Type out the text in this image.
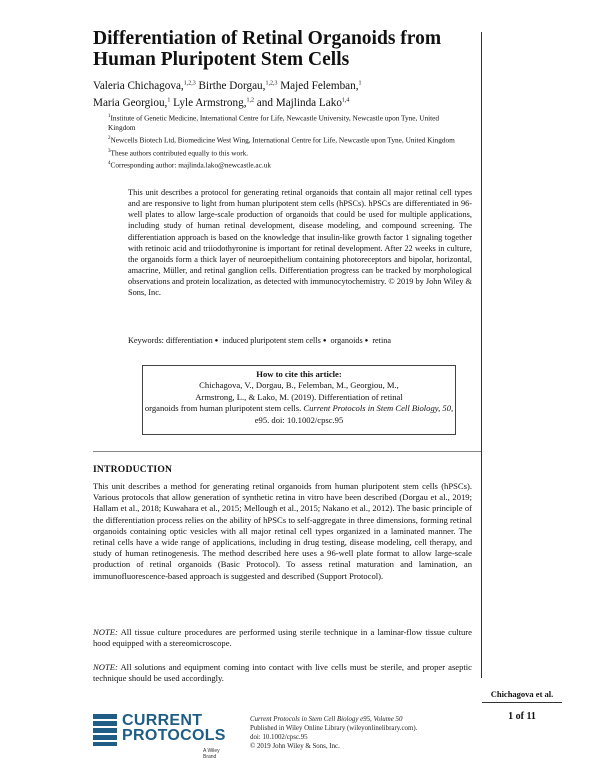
Differentiation of Retinal Organoids from Human Pluripotent Stem Cells
Valeria Chichagova,$^{1,2,3}$ Birthe Dorgau,$^{1,2,3}$ Majed Felemban,$^1$
Maria Georgiou,$^1$ Lyle Armstrong,$^{1,2}$ and Majlinda Lako$^{1,4}$
$^1$Institute of Genetic Medicine, International Centre for Life, Newcastle University, Newcastle upon Tyne, United Kingdom
$^2$Newcells Biotech Ltd, Biomedicine West Wing, International Centre for Life, Newcastle upon Tyne, United Kingdom
$^3$These authors contributed equally to this work.
$^4$Corresponding author: majlinda.lako@newcastle.ac.uk
This unit describes a protocol for generating retinal organoids that contain all major retinal cell types and are responsive to light from human pluripotent stem cells (hPSCs). hPSCs are differentiated in 96-well plates to allow large-scale production of organoids that could be used for multiple applications, including study of human retinal development, disease modeling, and compound screening. The differentiation approach is based on the knowledge that insulin-like growth factor 1 signaling together with retinoic acid and triiodothyronine is important for retinal development. After 22 weeks in culture, the organoids form a thick layer of neuroepithelium containing photoreceptors and bipolar, horizontal, amacrine, Müller, and retinal ganglion cells. Differentiation progress can be tracked by morphological observations and protein localization, as detected with immunocytochemistry. © 2019 by John Wiley & Sons, Inc.
Keywords: differentiation ● induced pluripotent stem cells ● organoids ● retina
How to cite this article:
Chichagova, V., Dorgau, B., Felemban, M., Georgiou, M.,
Armstrong, L., & Lako, M. (2019). Differentiation of retinal
organoids from human pluripotent stem cells. Current Protocols in Stem Cell Biology, 50, e95. doi: 10.1002/cpsc.95
INTRODUCTION
This unit describes a method for generating retinal organoids from human pluripotent stem cells (hPSCs). Various protocols that allow generation of synthetic retina in vitro have been described (Dorgau et al., 2019; Hallam et al., 2018; Kuwahara et al., 2015; Mellough et al., 2015; Nakano et al., 2012). The basic principle of the differentiation process relies on the ability of hPSCs to self-aggregate in three dimensions, forming retinal organoids containing optic vesicles with all major retinal cell types organized in a laminated manner. The retinal cells have a wide range of applications, including in drug testing, disease modeling, cell therapy, and study of human retinogenesis. The method described here uses a 96-well plate format to allow large-scale production of retinal organoids (Basic Protocol). To assess retinal maturation and lamination, an immunofluorescence-based approach is suggested and described (Support Protocol).
NOTE: All tissue culture procedures are performed using sterile technique in a laminar-flow tissue culture hood equipped with a stereomicroscope.
NOTE: All solutions and equipment coming into contact with live cells must be sterile, and proper aseptic technique should be used accordingly.
Chichagova et al.
1 of 11
CURRENT
PROTOCOLS
A Wiley Brand
Current Protocols in Stem Cell Biology e95, Volume 50
Published in Wiley Online Library (wileyonlinelibrary.com).
doi: 10.1002/cpsc.95
© 2019 John Wiley & Sons, Inc.
